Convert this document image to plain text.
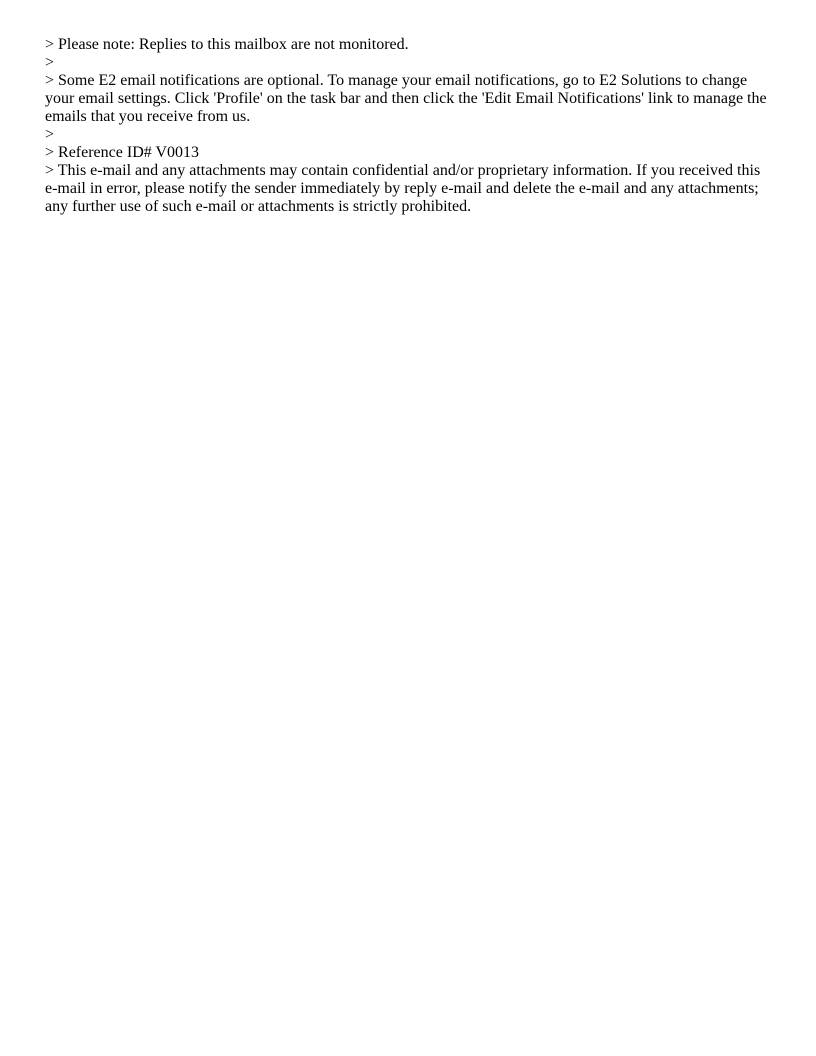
> Please note: Replies to this mailbox are not monitored.

>

> Some E2 email notifications are optional. To manage your email notifications, go to E2 Solutions to change your email settings. Click 'Profile' on the task bar and then click the 'Edit Email Notifications' link to manage the emails that you receive from us.

>

> Reference ID# V0013

> This e-mail and any attachments may contain confidential and/or proprietary information. If you received this e-mail in error, please notify the sender immediately by reply e-mail and delete the e-mail and any attachments; any further use of such e-mail or attachments is strictly prohibited.
